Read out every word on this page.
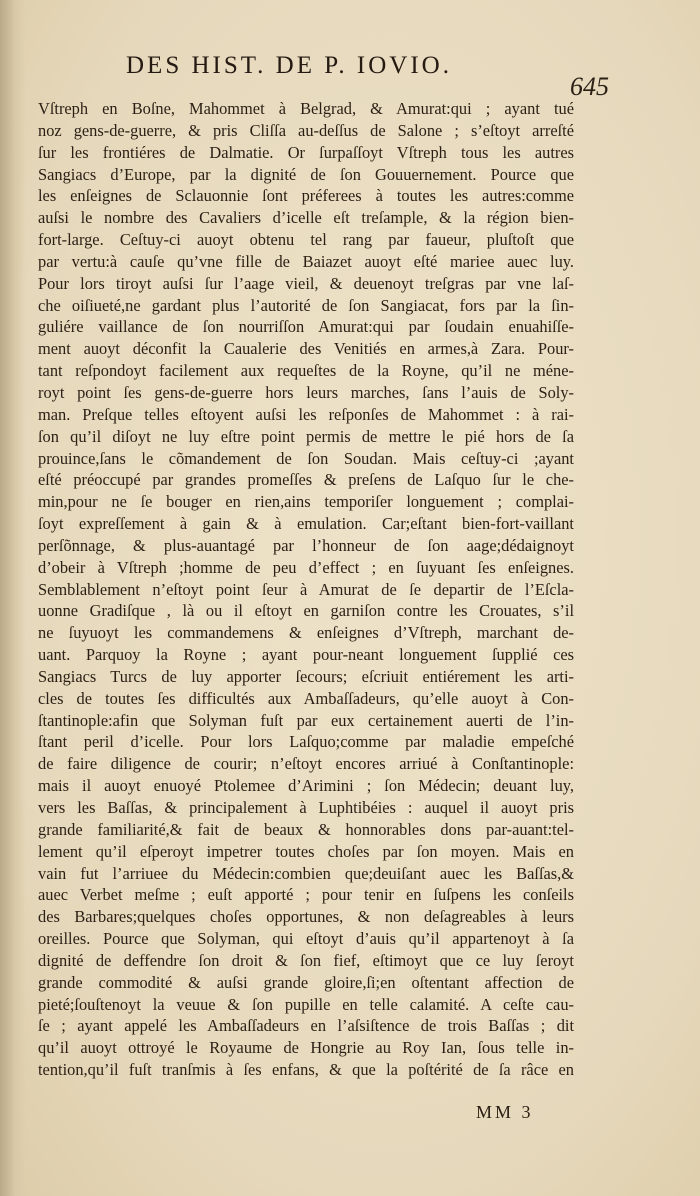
DES HIST. DE P. IOVIO.
645
Vſtreph en Boſne, Mahommet à Belgrad, & Amurat:qui ; ayant tué
noz gens-de-guerre, & pris Cliſſa au-deſſus de Salone ; s’eſtoyt arreſté
ſur les frontiéres de Dalmatie. Or ſurpaſſoyt Vſtreph tous les autres
Sangiacs d’Europe, par la dignité de ſon Gouuernement. Pource que
les enſeignes de Sclauonnie ſont préferees à toutes les autres:comme
auſsi le nombre des Cavaliers d’icelle eſt treſample, & la région bien-
fort-large. Ceſtuy-ci auoyt obtenu tel rang par faueur, pluſtoſt que
par vertu:à cauſe qu’vne fille de Baiazet auoyt eſté mariee auec luy.
Pour lors tiroyt auſsi ſur l’aage vieil, & deuenoyt treſgras par vne laſ-
che oiſiueté,ne gardant plus l’autorité de ſon Sangiacat, fors par la ſin-
guliére vaillance de ſon nourriſſon Amurat:qui par ſoudain enuahiſſe-
ment auoyt déconfit la Caualerie des Venitiés en armes,à Zara. Pour-
tant reſpondoyt facilement aux requeſtes de la Royne, qu’il ne méne-
royt point ſes gens-de-guerre hors leurs marches, ſans l’auis de Soly-
man. Preſque telles eſtoyent auſsi les reſponſes de Mahommet : à rai-
ſon qu’il diſoyt ne luy eſtre point permis de mettre le pié hors de ſa
prouince,ſans le cõmandement de ſon Soudan. Mais ceſtuy-ci ;ayant
eſté préoccupé par grandes promeſſes & preſens de Laſquo ſur le che-
min,pour ne ſe bouger en rien,ains temporiſer longuement ; complai-
ſoyt expreſſement à gain & à emulation. Car;eſtant bien-fort-vaillant
perſõnnage, & plus-auantagé par l’honneur de ſon aage;dédaignoyt
d’obeir à Vſtreph ;homme de peu d’effect ; en ſuyuant ſes enſeignes.
Semblablement n’eſtoyt point ſeur à Amurat de ſe departir de l’Eſcla-
uonne Gradiſque , là ou il eſtoyt en garniſon contre les Crouates, s’il
ne ſuyuoyt les commandemens & enſeignes d’Vſtreph, marchant de-
uant. Parquoy la Royne ; ayant pour-neant longuement ſupplié ces
Sangiacs Turcs de luy apporter ſecours; eſcriuit entiérement les arti-
cles de toutes ſes difficultés aux Ambaſſadeurs, qu’elle auoyt à Con-
ſtantinople:afin que Solyman fuſt par eux certainement auerti de l’in-
ſtant peril d’icelle. Pour lors Laſquo;comme par maladie empeſché
de faire diligence de courir; n’eſtoyt encores arriué à Conſtantinople:
mais il auoyt enuoyé Ptolemee d’Arimini ; ſon Médecin; deuant luy,
vers les Baſſas, & principalement à Luphtibéies : auquel il auoyt pris
grande familiarité,& fait de beaux & honnorables dons par-auant:tel-
lement qu’il eſperoyt impetrer toutes choſes par ſon moyen. Mais en
vain fut l’arriuee du Médecin:combien que;deuiſant auec les Baſſas,&
auec Verbet meſme ; euſt apporté ; pour tenir en ſuſpens les conſeils
des Barbares;quelques choſes opportunes, & non deſagreables à leurs
oreilles. Pource que Solyman, qui eſtoyt d’auis qu’il appartenoyt à ſa
dignité de deffendre ſon droit & ſon fief, eſtimoyt que ce luy ſeroyt
grande commodité & auſsi grande gloire,ſi;en oſtentant affection de
pieté;ſouſtenoyt la veuue & ſon pupille en telle calamité. A ceſte cau-
ſe ; ayant appelé les Ambaſſadeurs en l’aſsiſtence de trois Baſſas ; dit
qu’il auoyt ottroyé le Royaume de Hongrie au Roy Ian, ſous telle in-
tention,qu’il fuſt tranſmis à ſes enfans, & que la poſtérité de ſa râce en
MM 3
